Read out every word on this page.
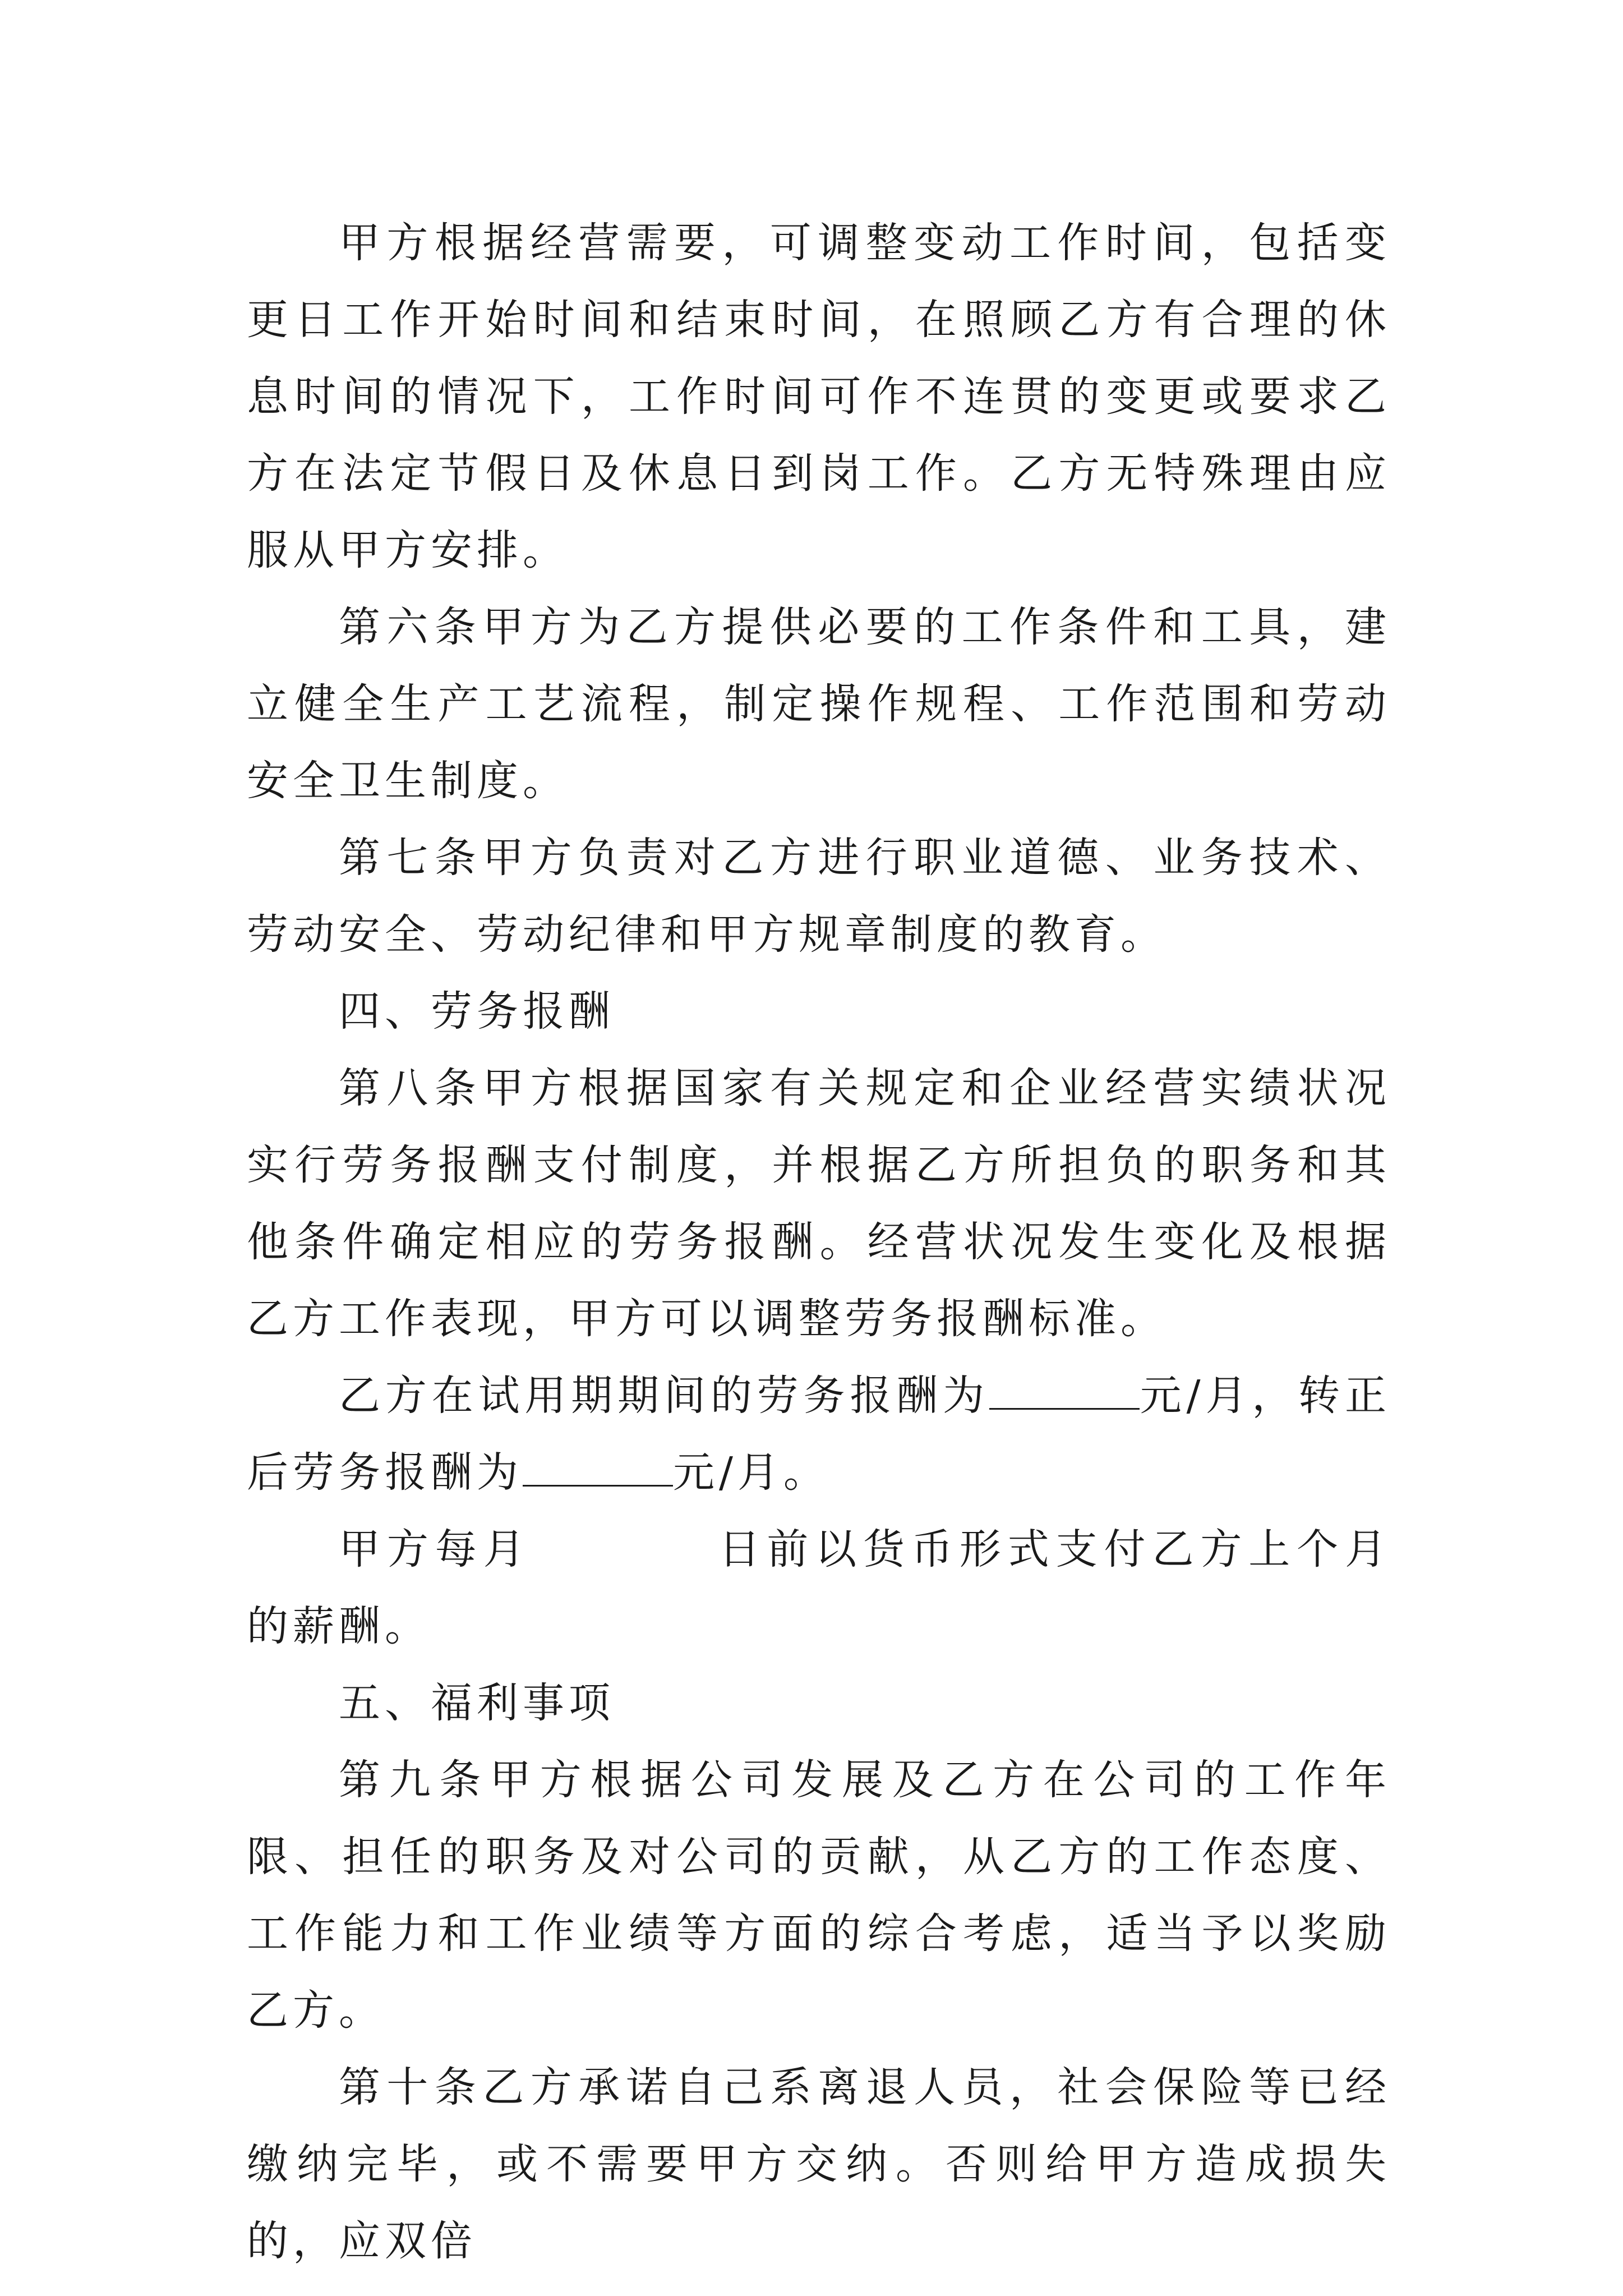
甲方根据经营需要，可调整变动工作时间，包括变更日工作开始时间和结束时间，在照顾乙方有合理的休息时间的情况下，工作时间可作不连贯的变更或要求乙方在法定节假日及休息日到岗工作。乙方无特殊理由应服从甲方安排。

第六条甲方为乙方提供必要的工作条件和工具，建立健全生产工艺流程，制定操作规程、工作范围和劳动安全卫生制度。

第七条甲方负责对乙方进行职业道德、业务技术、劳动安全、劳动纪律和甲方规章制度的教育。

四、劳务报酬

第八条甲方根据国家有关规定和企业经营实绩状况实行劳务报酬支付制度，并根据乙方所担负的职务和其他条件确定相应的劳务报酬。经营状况发生变化及根据乙方工作表现，甲方可以调整劳务报酬标准。

乙方在试用期期间的劳务报酬为	元/月，转正后劳务报酬为	元/月。

甲方每月	日前以货币形式支付乙方上个月的薪酬。

五、福利事项

第九条甲方根据公司发展及乙方在公司的工作年限、担任的职务及对公司的贡献，从乙方的工作态度、工作能力和工作业绩等方面的综合考虑，适当予以奖励乙方。

第十条乙方承诺自己系离退人员，社会保险等已经缴纳完毕，或不需要甲方交纳。否则给甲方造成损失的，应双倍
